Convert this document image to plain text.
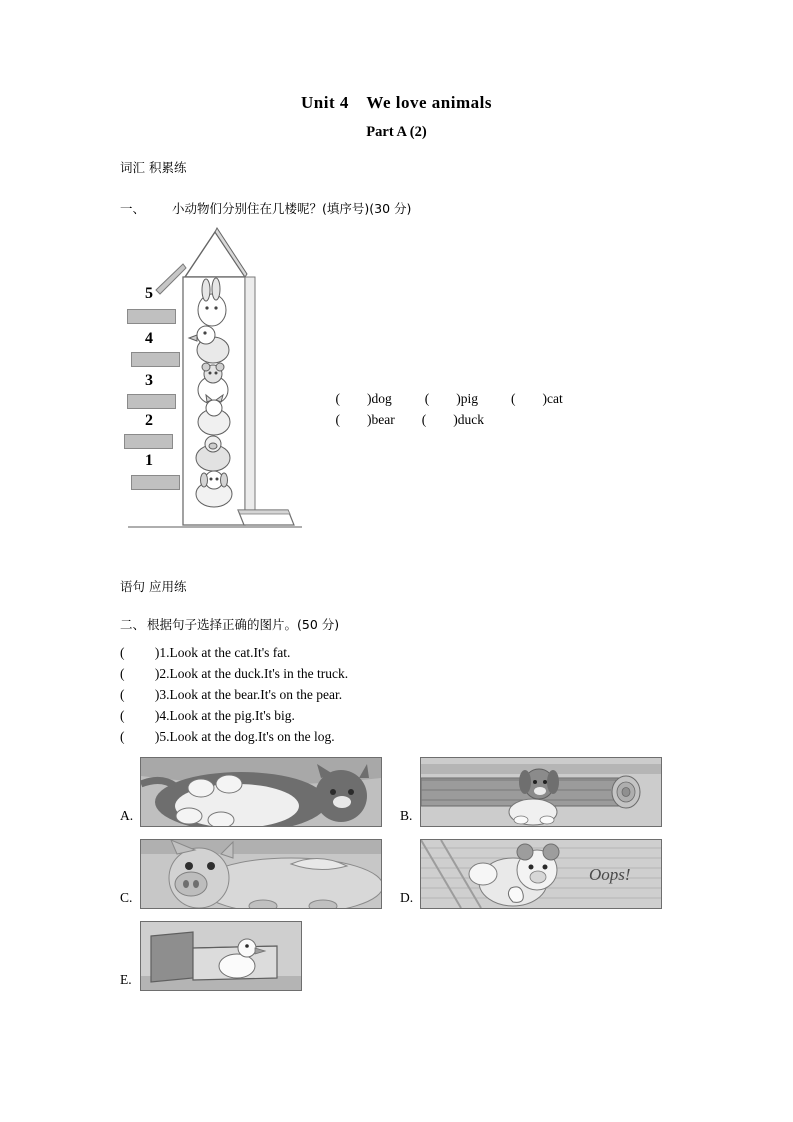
Unit 4　We love animals
Part A (2)
词汇 积累练
一、 小动物们分别住在几楼呢？(填序号)(30 分)
5
4
3
2
1

(        )dog (        )pig (        )cat

(        )bear (        )duck

语句 应用练
二、 根据句子选择正确的图片。(50 分)
(         )1.Look at the cat.It's fat.
(         )2.Look at the duck.It's in the truck.
(         )3.Look at the bear.It's on the pear.
(         )4.Look at the pig.It's big.
(         )5.Look at the dog.It's on the log.
A.	B.
C.	D.
Oops!
E.
